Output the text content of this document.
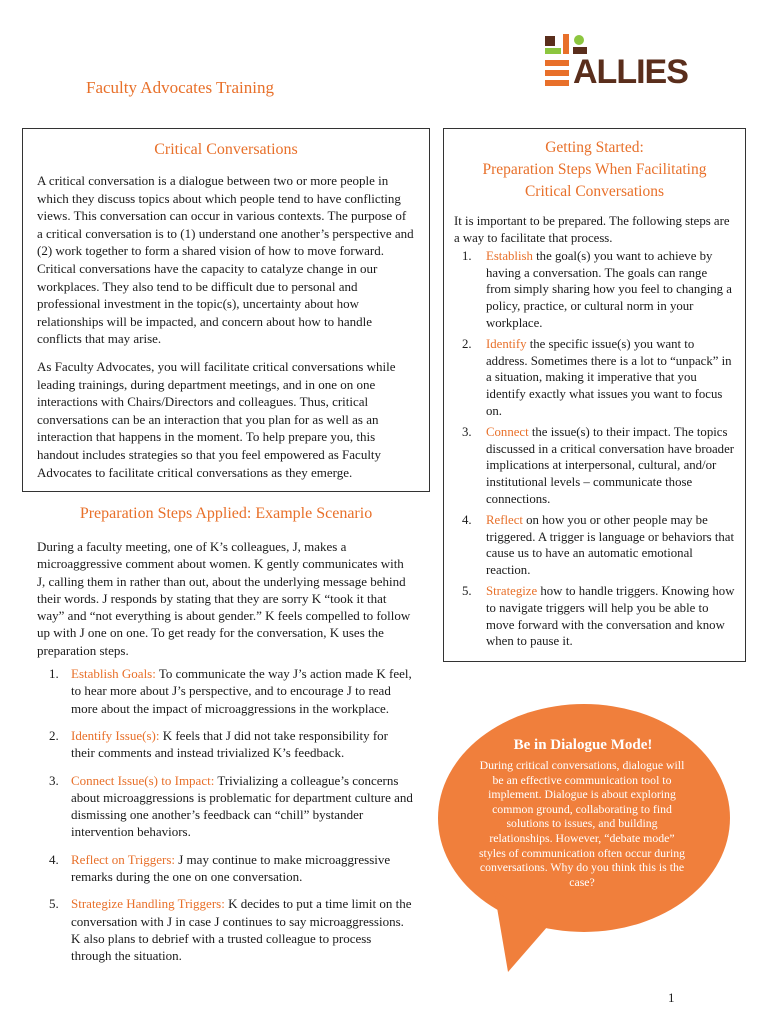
Faculty Advocates Training	ALLIES
Critical Conversations

A critical conversation is a dialogue between two or more people in which they discuss topics about which people tend to have conflicting views. This conversation can occur in various contexts. The purpose of a critical conversation is to (1) understand one another’s perspective and (2) work together to form a shared vision of how to move forward. Critical conversations have the capacity to catalyze change in our workplaces. They also tend to be difficult due to personal and professional investment in the topic(s), uncertainty about how relationships will be impacted, and concern about how to handle conflicts that may arise.

As Faculty Advocates, you will facilitate critical conversations while leading trainings, during department meetings, and in one on one interactions with Chairs/Directors and colleagues. Thus, critical conversations can be an interaction that you plan for as well as an interaction that happens in the moment. To help prepare you, this handout includes strategies so that you feel empowered as Faculty Advocates to facilitate critical conversations as they emerge.

Getting Started:
Preparation Steps When Facilitating
Critical Conversations

It is important to be prepared. The following steps are a way to facilitate that process.

1. Establish the goal(s) you want to achieve by having a conversation. The goals can range from simply sharing how you feel to changing a policy, practice, or cultural norm in your workplace.
2. Identify the specific issue(s) you want to address. Sometimes there is a lot to “unpack” in a situation, making it imperative that you identify exactly what issues you want to focus on.
3. Connect the issue(s) to their impact. The topics discussed in a critical conversation have broader implications at interpersonal, cultural, and/or institutional levels – communicate those connections.
4. Reflect on how you or other people may be triggered. A trigger is language or behaviors that cause us to have an automatic emotional reaction.
5. Strategize how to handle triggers. Knowing how to navigate triggers will help you be able to move forward with the conversation and know when to pause it.
Preparation Steps Applied: Example Scenario

During a faculty meeting, one of K’s colleagues, J, makes a microaggressive comment about women. K gently communicates with J, calling them in rather than out, about the underlying message behind their words. J responds by stating that they are sorry K “took it that way” and “not everything is about gender.” K feels compelled to follow up with J one on one. To get ready for the conversation, K uses the preparation steps.

1. Establish Goals: To communicate the way J’s action made K feel, to hear more about J’s perspective, and to encourage J to read more about the impact of microaggressions in the workplace.
2. Identify Issue(s): K feels that J did not take responsibility for their comments and instead trivialized K’s feedback.
3. Connect Issue(s) to Impact: Trivializing a colleague’s concerns about microaggressions is problematic for department culture and dismissing one another’s feedback can “chill” bystander intervention behaviors.
4. Reflect on Triggers: J may continue to make microaggressive remarks during the one on one conversation.
5. Strategize Handling Triggers: K decides to put a time limit on the conversation with J in case J continues to say microaggressions. K also plans to debrief with a trusted colleague to process through the situation.
Be in Dialogue Mode!
During critical conversations, dialogue will be an effective communication tool to implement. Dialogue is about exploring common ground, collaborating to find solutions to issues, and building relationships. However, “debate mode” styles of communication often occur during conversations. Why do you think this is the case?
1
